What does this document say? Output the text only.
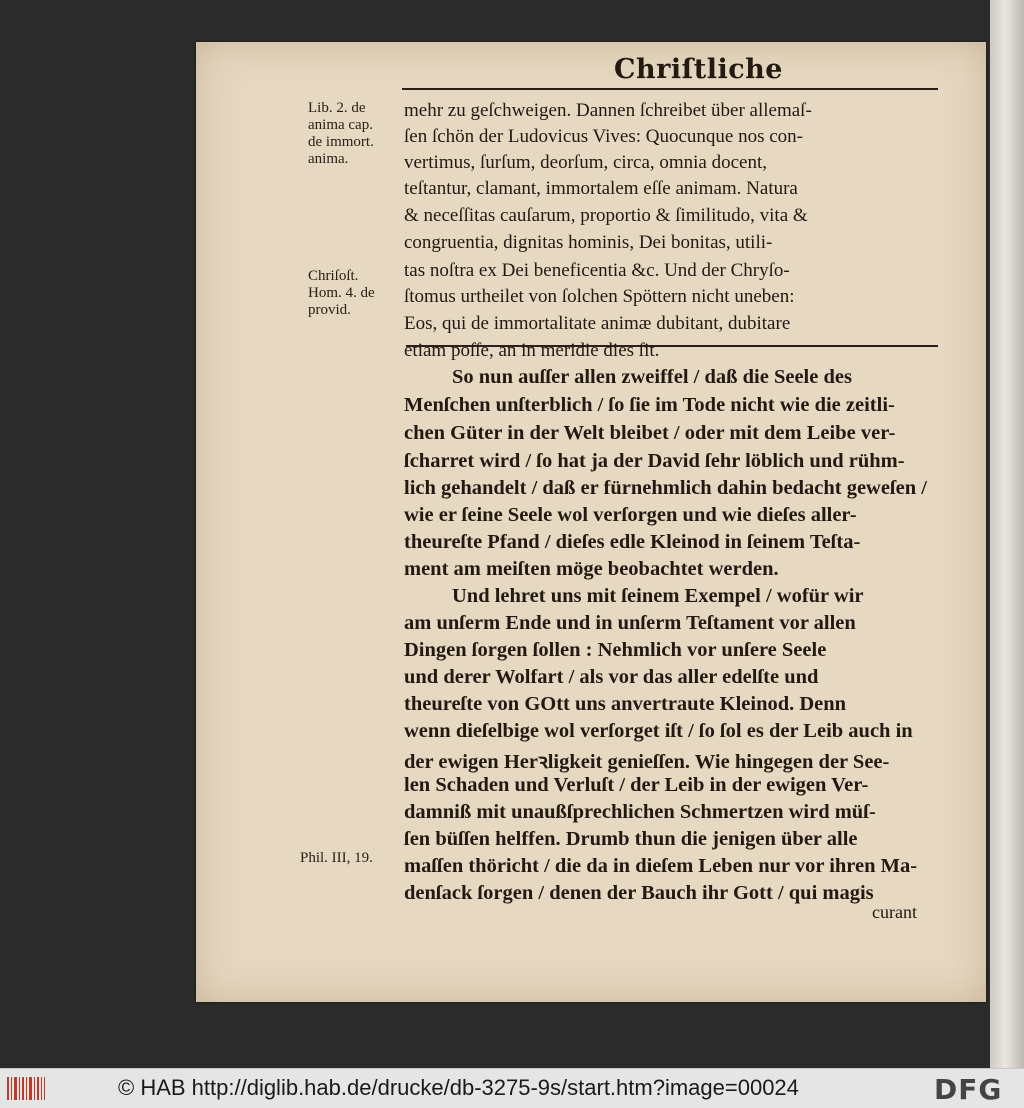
Chriſtliche
Lib. 2. de
anima cap.
de immort.
anima.
Chriſoſt.
Hom. 4. de
provid.
Phil. III, 19.
mehr zu geſchweigen. Dannen ſchreibet über allemaſ-
ſen ſchön der Ludovicus Vives: Quocunque nos con-
vertimus, ſurſum, deorſum, circa, omnia docent,
teſtantur, clamant, immortalem eſſe animam. Natura
& neceſſitas cauſarum, proportio & ſimilitudo, vita &
congruentia, dignitas hominis, Dei bonitas, utili-
tas noſtra ex Dei beneficentia &c. Und der Chryſo-
ſtomus urtheilet von ſolchen Spöttern nicht uneben:
Eos, qui de immortalitate animæ dubitant, dubitare
etiam poſſe, an in meridie dies ſit.
So nun auſſer allen zweiffel / daß die Seele des
Menſchen unſterblich / ſo ſie im Tode nicht wie die zeitli-
chen Güter in der Welt bleibet / oder mit dem Leibe ver-
ſcharret wird / ſo hat ja der David ſehr löblich und rühm-
lich gehandelt / daß er fürnehmlich dahin bedacht geweſen /
wie er ſeine Seele wol verſorgen und wie dieſes aller-
theureſte Pfand / dieſes edle Kleinod in ſeinem Teſta-
ment am meiſten möge beobachtet werden.
Und lehret uns mit ſeinem Exempel / wofür wir
am unſerm Ende und in unſerm Teſtament vor allen
Dingen ſorgen ſollen : Nehmlich vor unſere Seele
und derer Wolfart / als vor das aller edelſte und
theureſte von GOtt uns anvertraute Kleinod. Denn
wenn dieſelbige wol verſorget iſt / ſo ſol es der Leib auch in
der ewigen Herꝛligkeit genieſſen. Wie hingegen der See-
len Schaden und Verluſt / der Leib in der ewigen Ver-
damniß mit unaußſprechlichen Schmertzen wird müſ-
ſen büſſen helffen. Drumb thun die jenigen über alle
maſſen thöricht / die da in dieſem Leben nur vor ihren Ma-
denſack ſorgen / denen der Bauch ihr Gott / qui magis
curant
© HAB http://diglib.hab.de/drucke/db-3275-9s/start.htm?image=00024	DFG
